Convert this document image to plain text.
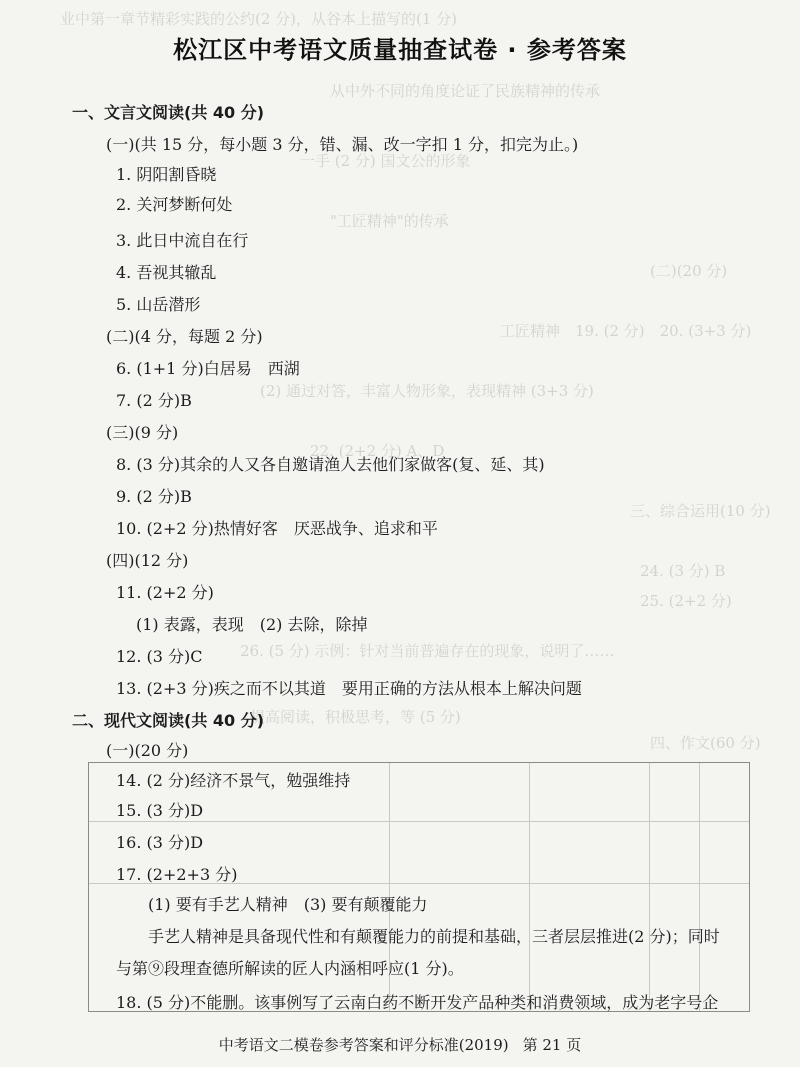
业中第一章节精彩实践的公约(2 分)，从谷本上描写的(1 分)
从中外不同的角度论证了民族精神的传承
一手 (2 分) 国文公的形象
"工匠精神"的传承
(二)(20 分)
工匠精神　19. (2 分)　20. (3+3 分)
(2) 通过对答，丰富人物形象，表现精神 (3+3 分)
22. (2+2 分) A、D
三、综合运用(10 分)
24. (3 分) B
25. (2+2 分)
26. (5 分) 示例：针对当前普遍存在的现象，说明了……
提高阅读，积极思考，等 (5 分)
四、作文(60 分)
松江区中考语文质量抽查试卷 · 参考答案
一、文言文阅读(共 40 分)
(一)(共 15 分，每小题 3 分，错、漏、改一字扣 1 分，扣完为止。)
1. 阴阳割昏晓
2. 关河梦断何处
3. 此日中流自在行
4. 吾视其辙乱
5. 山岳潜形
(二)(4 分，每题 2 分)
6. (1+1 分)白居易　西湖
7. (2 分)B
(三)(9 分)
8. (3 分)其余的人又各自邀请渔人去他们家做客(复、延、其)
9. (2 分)B
10. (2+2 分)热情好客　厌恶战争、追求和平
(四)(12 分)
11. (2+2 分)
(1) 表露，表现　(2) 去除，除掉
12. (3 分)C
13. (2+3 分)疾之而不以其道　要用正确的方法从根本上解决问题
二、现代文阅读(共 40 分)
(一)(20 分)
14. (2 分)经济不景气，勉强维持
15. (3 分)D
16. (3 分)D
17. (2+2+3 分)
(1) 要有手艺人精神　(3) 要有颠覆能力
手艺人精神是具备现代性和有颠覆能力的前提和基础，三者层层推进(2 分)；同时
与第⑨段理查德所解读的匠人内涵相呼应(1 分)。
18. (5 分)不能删。该事例写了云南白药不断开发产品种类和消费领域，成为老字号企
中考语文二模卷参考答案和评分标准(2019) 第 21 页
